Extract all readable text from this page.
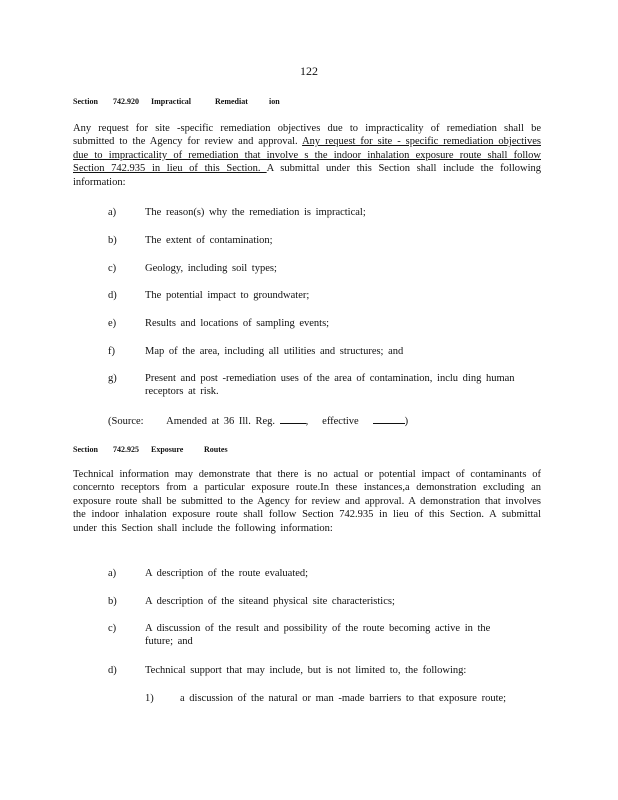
122
Section 742.920 Impractical	Remediat	ion
Any request for site -specific remediation objectives due to impracticality of remediation shall be submitted to the Agency for review and approval. Any request for site - specific remediation objectives due to impracticality of remediation that involve s the indoor inhalation exposure route shall follow Section 742.935 in lieu of this Section. A submittal under this Section shall include the following information:
a)	The reason(s) why the remediation is impractical;
b)	The extent of contamination;
c)	Geology, including soil types;
d)	The potential impact to groundwater;
e)	Results and locations of sampling events;
f)	Map of the area, including all utilities and structures; and
g)	Present and post -remediation uses of the area of contamination, inclu ding human receptors at risk.
(Source: Amended at 36 Ill. Reg.	, effective	)
Section 742.925 Exposure	Routes
Technical information may demonstrate that there is no actual or potential impact of contaminants of concernto receptors from a particular exposure route.In these instances,a demonstration excluding an exposure route shall be submitted to the Agency for review and approval. A demonstration that involves the indoor inhalation exposure route shall follow Section 742.935 in lieu of this Section. A submittal under this Section shall include the following information:
a)	A description of the route evaluated;
b)	A description of the siteand physical site characteristics;
c)	A discussion of the result and possibility of the route becoming active in the future; and
d)	Technical support that may include, but is not limited to, the following:
1)	a discussion of the natural or man -made barriers to that exposure route;
